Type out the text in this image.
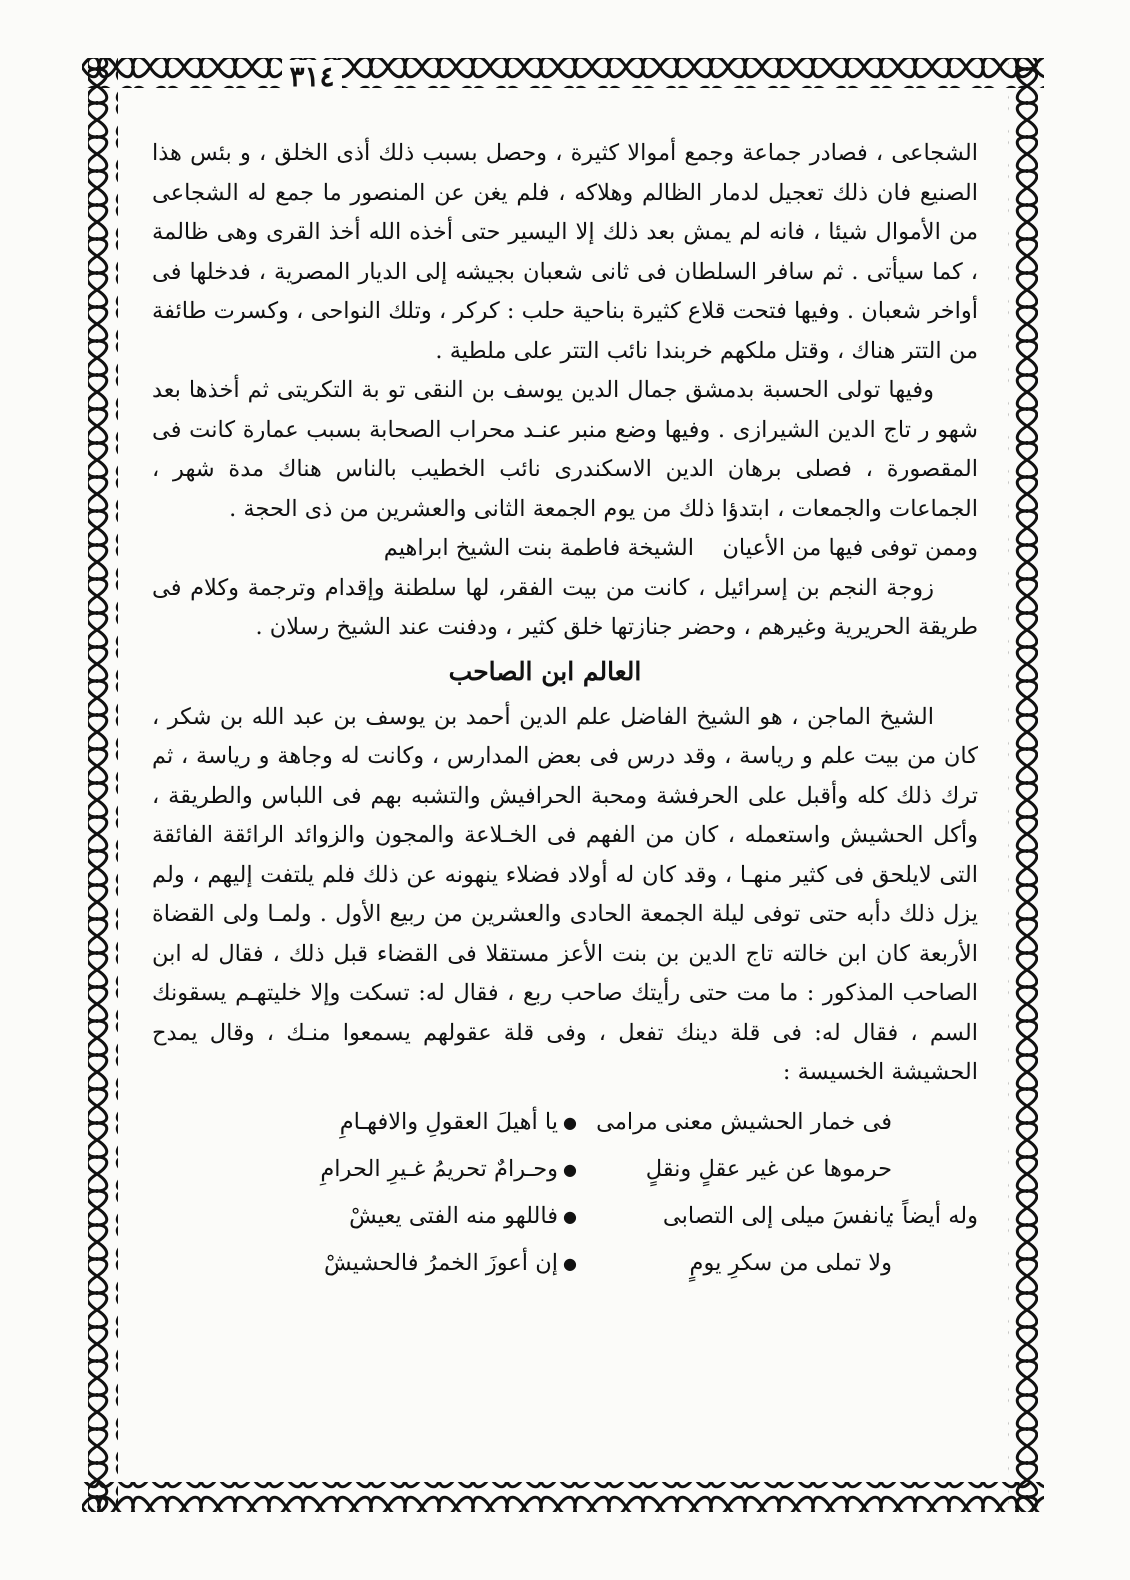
٣١٤

الشجاعى ، فصادر جماعة وجمع أموالا كثيرة ، وحصل بسبب ذلك أذى الخلق ، و بئس هذا الصنيع فان ذلك تعجيل لدمار الظالم وهلاكه ، فلم يغن عن المنصور ما جمع له الشجاعى من الأموال شيئا ، فانه لم يمش بعد ذلك إلا اليسير حتى أخذه الله أخذ القرى وهى ظالمة ، كما سيأتى . ثم سافر السلطان فى ثانى شعبان بجيشه إلى الديار المصرية ، فدخلها فى أواخر شعبان . وفيها فتحت قلاع كثيرة بناحية حلب : كركر ، وتلك النواحى ، وكسرت طائفة من التتر هناك ، وقتل ملكهم خربندا نائب التتر على ملطية .

وفيها تولى الحسبة بدمشق جمال الدين يوسف بن النقى تو بة التكريتى ثم أخذها بعد شهو ر تاج الدين الشيرازى . وفيها وضع منبر عنـد محراب الصحابة بسبب عمارة كانت فى المقصورة ، فصلى برهان الدين الاسكندرى نائب الخطيب بالناس هناك مدة شهر ، الجماعات والجمعات ، ابتدؤا ذلك من يوم الجمعة الثانى والعشرين من ذى الحجة .

وممن توفى فيها من الأعيان  الشيخة فاطمة بنت الشيخ ابراهيم

زوجة النجم بن إسرائيل ، كانت من بيت الفقر، لها سلطنة وإقدام وترجمة وكلام فى طريقة الحريرية وغيرهم ، وحضر جنازتها خلق كثير ، ودفنت عند الشيخ رسلان .

العالم ابن الصاحب

الشيخ الماجن ، هو الشيخ الفاضل علم الدين أحمد بن يوسف بن عبد الله بن شكر ، كان من بيت علم و رياسة ، وقد درس فى بعض المدارس ، وكانت له وجاهة و رياسة ، ثم ترك ذلك كله وأقبل على الحرفشة ومحبة الحرافيش والتشبه بهم فى اللباس والطريقة ، وأكل الحشيش واستعمله ، كان من الفهم فى الخـلاعة والمجون والزوائد الرائقة الفائقة التى لايلحق فى كثير منهـا ، وقد كان له أولاد فضلاء ينهونه عن ذلك فلم يلتفت إليهم ، ولم يزل ذلك دأبه حتى توفى ليلة الجمعة الحادى والعشرين من ربيع الأول . ولمـا ولى القضاة الأربعة كان ابن خالته تاج الدين بن بنت الأعز مستقلا فى القضاء قبل ذلك ، فقال له ابن الصاحب المذكور : ما مت حتى رأيتك صاحب ربع ، فقال له: تسكت وإلا خليتهـم يسقونك السم ، فقال له: فى قلة دينك تفعل ، وفى قلة عقولهم يسمعوا منـك ، وقال يمدح الحشيشة الخسيسة :

فى خمار الحشيش معنى مرامى
●
يا أهيلَ العقولِ والافهـامِ
حرموها عن غير عقلٍ ونقلٍ
●
وحـرامٌ تحريمُ غـيرِ الحرامِ
وله أيضاً :
يانفسَ ميلى إلى التصابى
●
فاللهو منه الفتى يعيشْ
ولا تملى من سكرِ يومٍ
●
إن أعوزَ الخمرُ فالحشيشْ
